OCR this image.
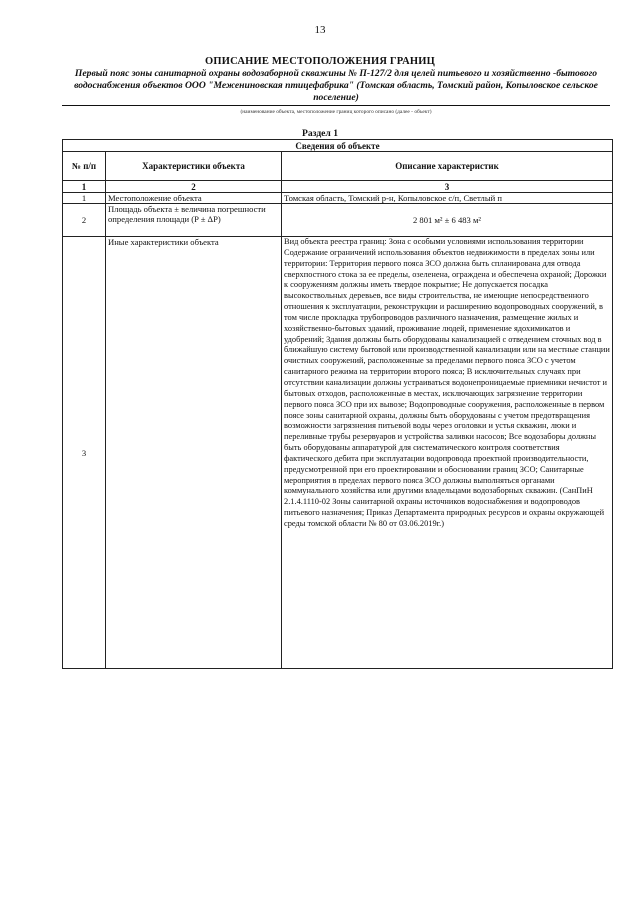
13
ОПИСАНИЕ МЕСТОПОЛОЖЕНИЯ ГРАНИЦ
Первый пояс зоны санитарной охраны водозаборной скважины № П-127/2 для целей питьевого и хозяйственно -бытового водоснабжения объектов ООО "Межениновская птицефабрика" (Томская область, Томский район, Копыловское сельское поселение)
(наименование объекта, местоположение границ которого описано (далее - объект)
Раздел 1
Сведения об объекте		
№ п/п	Характеристики объекта	Описание характеристик
1	2	3
1	Местоположение объекта	Томская область, Томский р-н, Копыловское с/п, Светлый п
2	Площадь объекта ± величина погрешности определения площади (P ± ΔP)	2 801 м² ± 6 483 м²
3	Иные характеристики объекта	Вид объекта реестра границ: Зона с особыми условиями использования территории
Содержание ограничений использования объектов недвижимости в пределах зоны или территории: Территория первого пояса ЗСО должна быть спланирована для отвода сверхпостного стока за ее пределы, озеленена, ограждена и обеспечена охраной; Дорожки к сооружениям должны иметь твердое покрытие; Не допускается посадка высокоствольных деревьев, все виды строительства, не имеющие непосредственного отношения к эксплуатации, реконструкции и расширению водопроводных сооружений, в том числе прокладка трубопроводов различного назначения, размещение жилых и хозяйственно-бытовых зданий, проживание людей, применение ядохимикатов и удобрений; Здания должны быть оборудованы канализацией с отведением сточных вод в ближайшую систему бытовой или производственной канализации или на местные станции очистных сооружений, расположенные за пределами первого пояса ЗСО с учетом санитарного режима на территории второго пояса; В исключительных случаях при отсутствии канализации должны устраиваться водонепроницаемые приемники нечистот и бытовых отходов, расположенные в местах, исключающих загрязнение территории первого пояса ЗСО при их вывозе; Водопроводные сооружения, расположенные в первом поясе зоны санитарной охраны, должны быть оборудованы с учетом предотвращения возможности загрязнения питьевой воды через оголовки и устья скважин, люки и переливные трубы резервуаров и устройства заливки насосов; Все водозаборы должны быть оборудованы аппаратурой для систематического контроля соответствия фактического дебита при эксплуатации водопровода проектной производительности, предусмотренной при его проектировании и обосновании границ ЗСО; Санитарные мероприятия в пределах первого пояса ЗСО должны выполняться органами коммунального хозяйства или другими владельцами водозаборных скважин. (СанПиН 2.1.4.1110-02 Зоны санитарной охраны источников водоснабжения и водопроводов питьевого назначения; Приказ Департамента природных ресурсов и охраны окружающей среды томской области № 80 от 03.06.2019г.)
